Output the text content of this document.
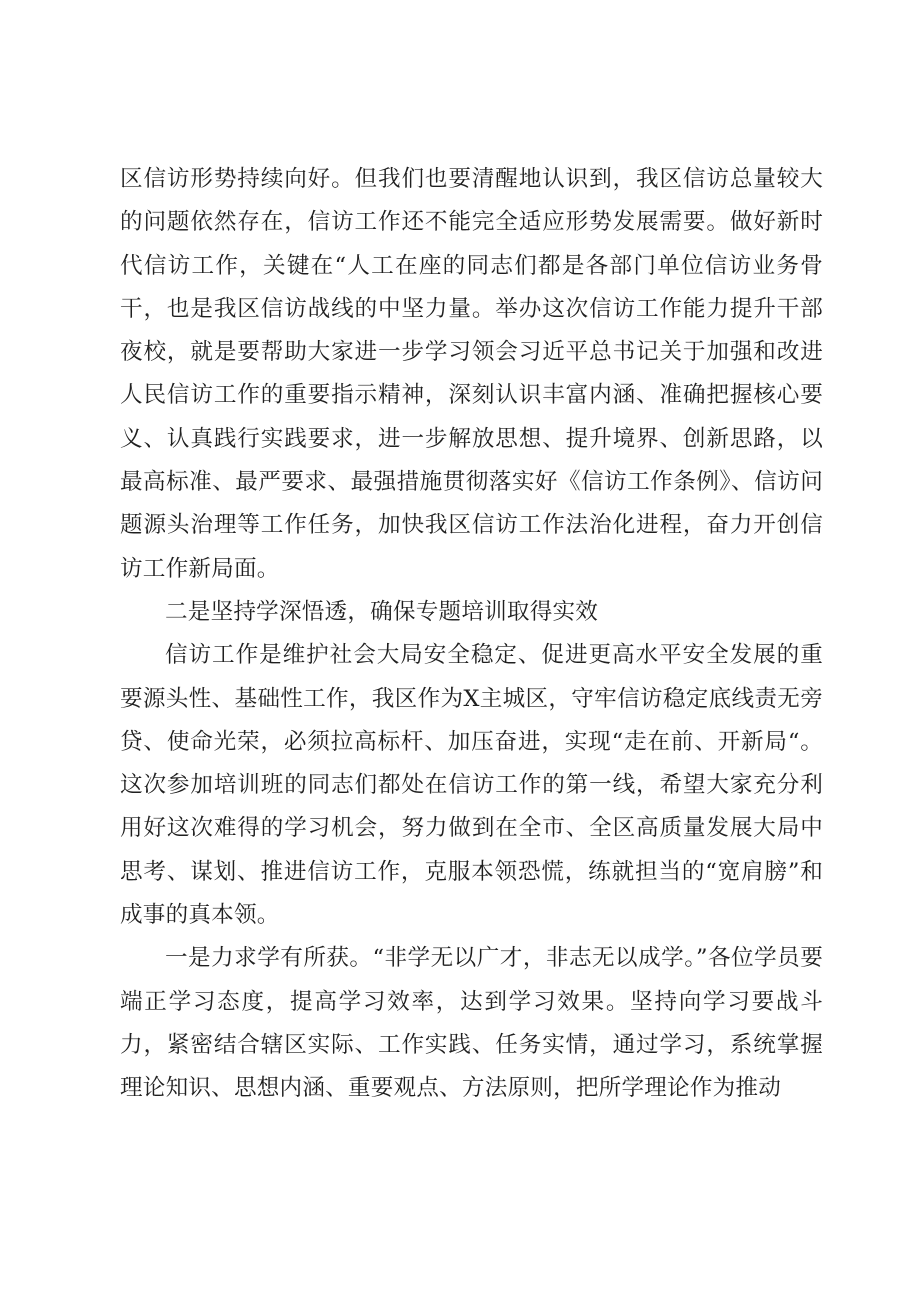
区信访形势持续向好。但我们也要清醒地认识到，我区信访总量较大的问题依然存在，信访工作还不能完全适应形势发展需要。做好新时代信访工作，关键在“人工在座的同志们都是各部门单位信访业务骨干，也是我区信访战线的中坚力量。举办这次信访工作能力提升干部夜校，就是要帮助大家进一步学习领会习近平总书记关于加强和改进人民信访工作的重要指示精神，深刻认识丰富内涵、准确把握核心要义、认真践行实践要求，进一步解放思想、提升境界、创新思路，以最高标准、最严要求、最强措施贯彻落实好《信访工作条例》、信访问题源头治理等工作任务，加快我区信访工作法治化进程，奋力开创信访工作新局面。

二是坚持学深悟透，确保专题培训取得实效

信访工作是维护社会大局安全稳定、促进更高水平安全发展的重要源头性、基础性工作，我区作为X主城区，守牢信访稳定底线责无旁贷、使命光荣，必须拉高标杆、加压奋进，实现“走在前、开新局“。这次参加培训班的同志们都处在信访工作的第一线，希望大家充分利用好这次难得的学习机会，努力做到在全市、全区高质量发展大局中思考、谋划、推进信访工作，克服本领恐慌，练就担当的“宽肩膀”和成事的真本领。

一是力求学有所获。“非学无以广才，非志无以成学。”各位学员要端正学习态度，提高学习效率，达到学习效果。坚持向学习要战斗力，紧密结合辖区实际、工作实践、任务实情，通过学习，系统掌握理论知识、思想内涵、重要观点、方法原则，把所学理论作为推动
